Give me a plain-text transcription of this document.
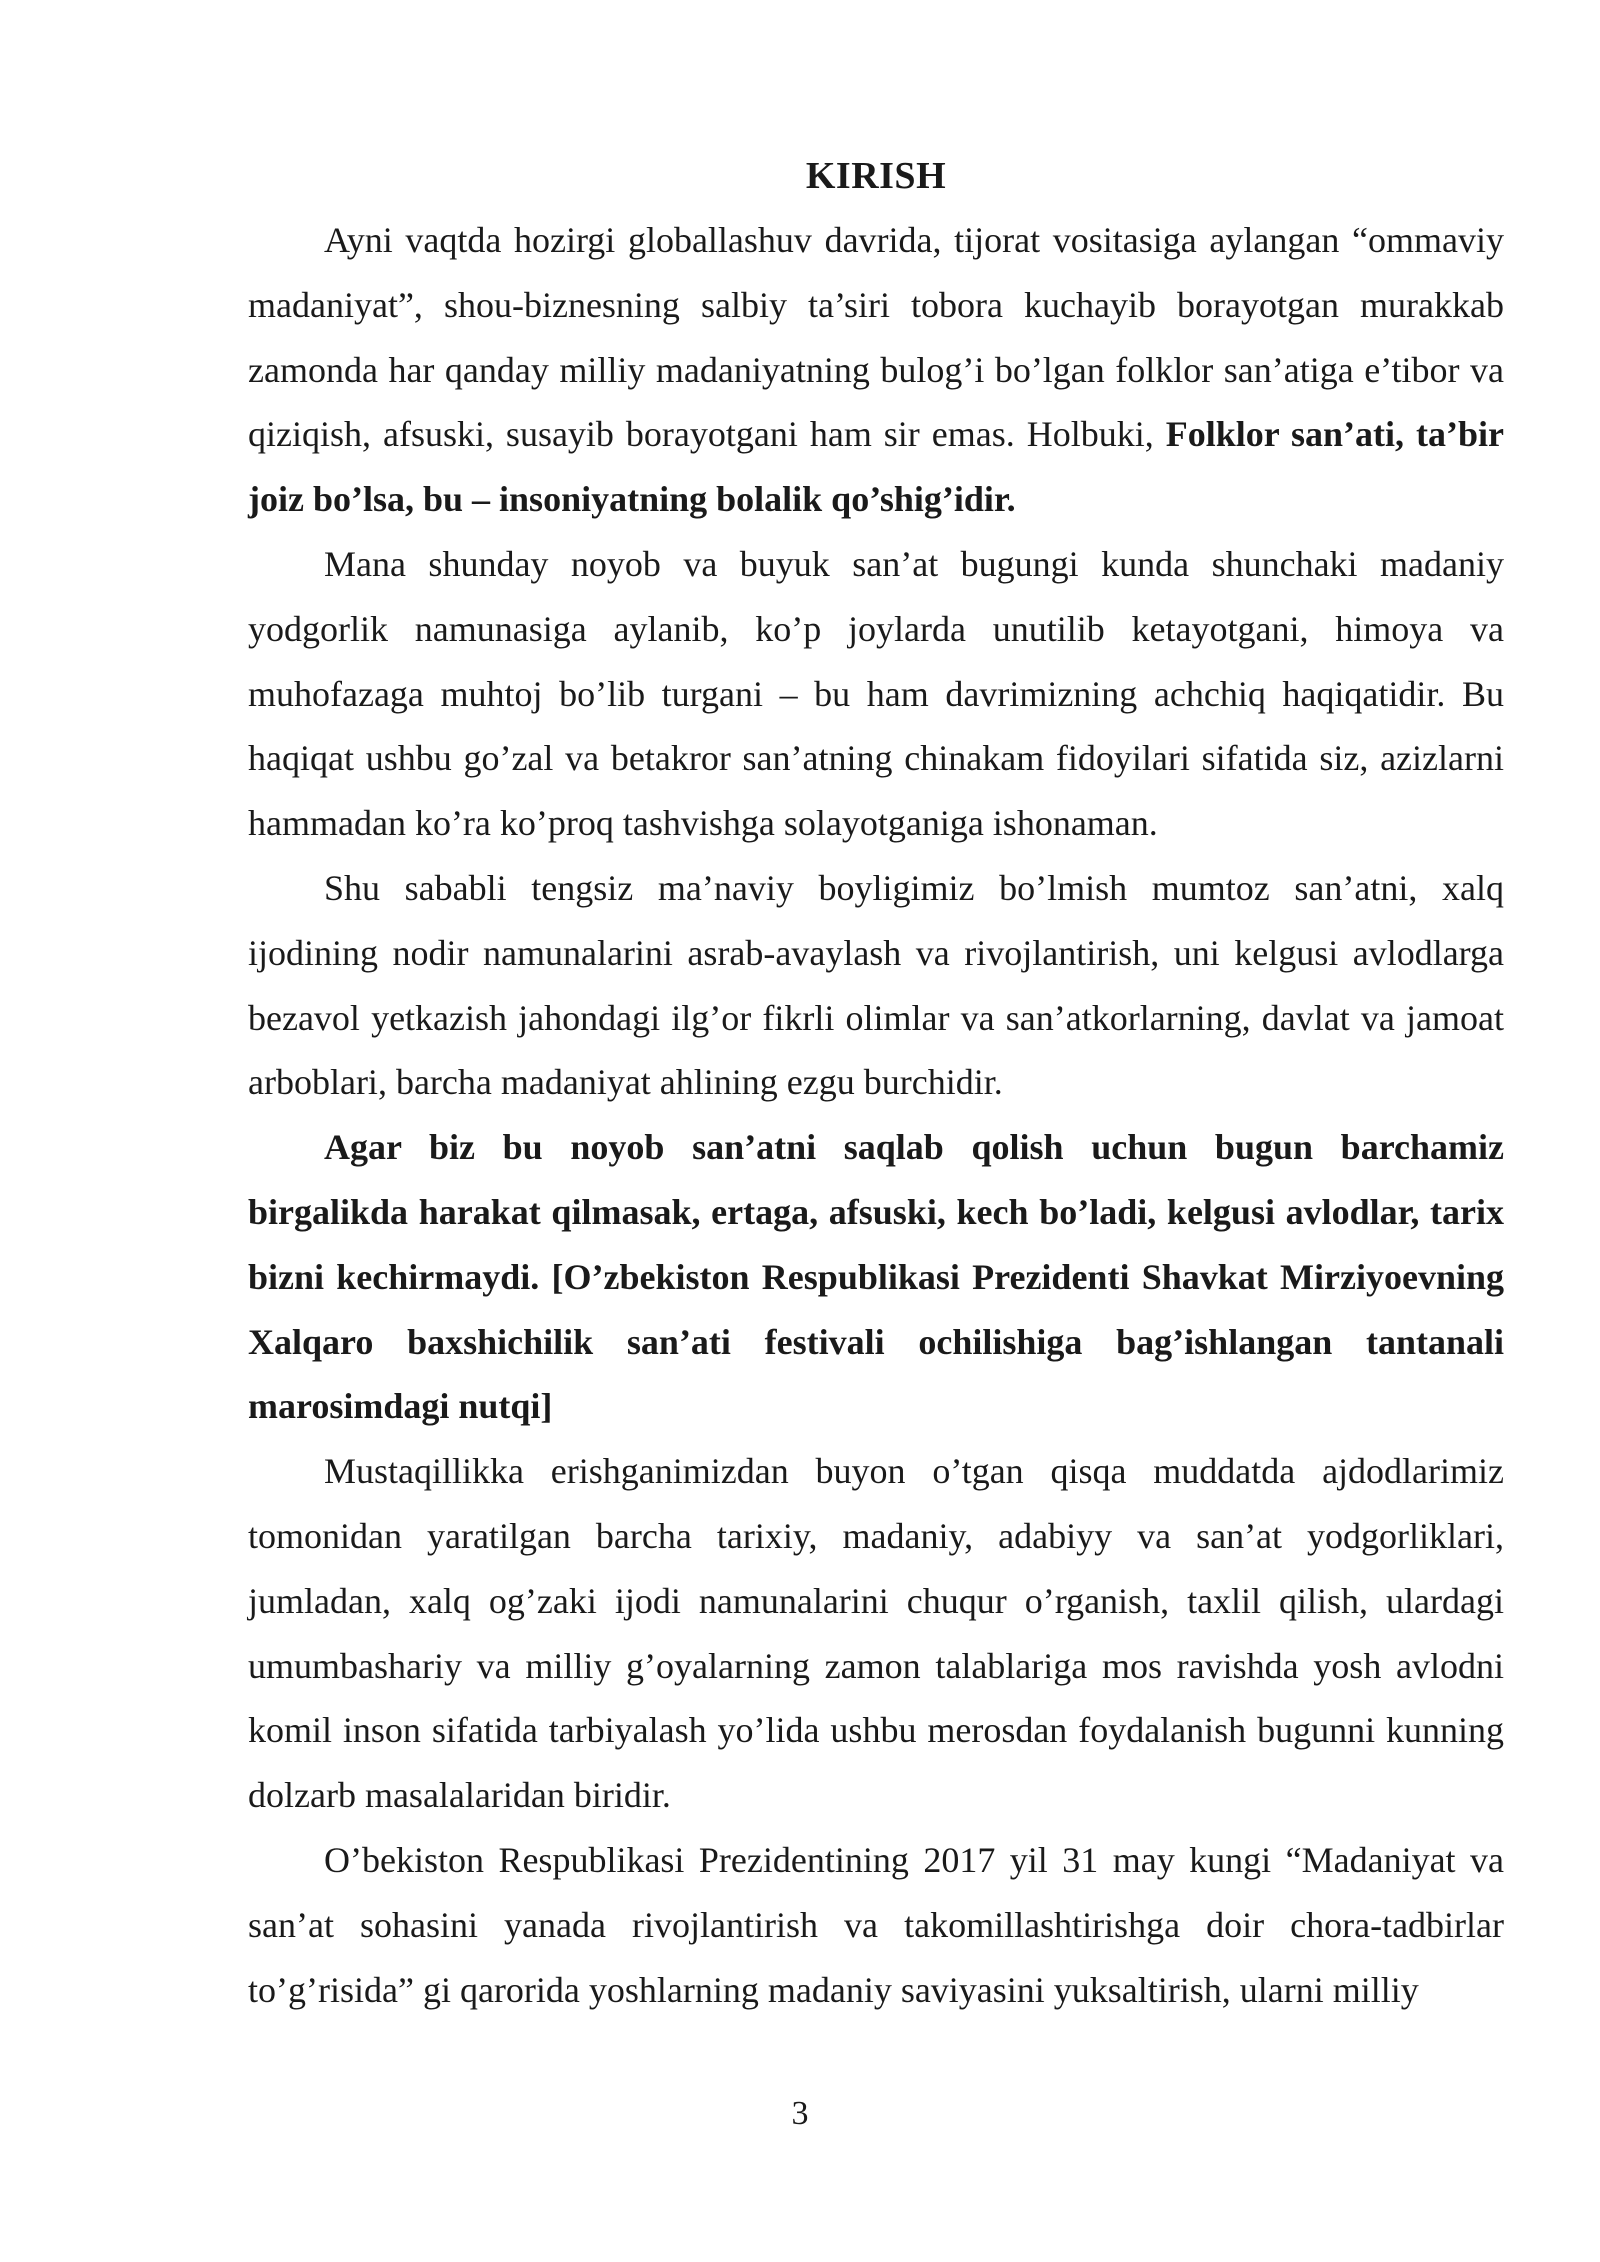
KIRISH

Ayni vaqtda hozirgi globallashuv davrida, tijorat vositasiga aylangan “ommaviy madaniyat”, shou-biznesning salbiy ta’siri tobora kuchayib borayotgan murakkab zamonda har qanday milliy madaniyatning bulog’i bo’lgan folklor san’atiga e’tibor va qiziqish, afsuski, susayib borayotgani ham sir emas. Holbuki, Folklor san’ati, ta’bir joiz bo’lsa, bu – insoniyatning bolalik qo’shig’idir.

Mana shunday noyob va buyuk san’at bugungi kunda shunchaki madaniy yodgorlik namunasiga aylanib, ko’p joylarda unutilib ketayotgani, himoya va muhofazaga muhtoj bo’lib turgani – bu ham davrimizning achchiq haqiqatidir. Bu haqiqat ushbu go’zal va betakror san’atning chinakam fidoyilari sifatida siz, azizlarni hammadan ko’ra ko’proq tashvishga solayotganiga ishonaman.

Shu sababli tengsiz ma’naviy boyligimiz bo’lmish mumtoz san’atni, xalq ijodining nodir namunalarini asrab-avaylash va rivojlantirish, uni kelgusi avlodlarga bezavol yetkazish jahondagi ilg’or fikrli olimlar va san’atkorlarning, davlat va jamoat arboblari, barcha madaniyat ahlining ezgu burchidir.

Agar biz bu noyob san’atni saqlab qolish uchun bugun barchamiz birgalikda harakat qilmasak, ertaga, afsuski, kech bo’ladi, kelgusi avlodlar, tarix bizni kechirmaydi. [O’zbekiston Respublikasi Prezidenti Shavkat Mirziyoevning Xalqaro baxshichilik san’ati festivali ochilishiga bag’ishlangan tantanali marosimdagi nutqi]

Mustaqillikka erishganimizdan buyon o’tgan qisqa muddatda ajdodlarimiz tomonidan yaratilgan barcha tarixiy, madaniy, adabiyy va san’at yodgorliklari, jumladan, xalq og’zaki ijodi namunalarini chuqur o’rganish, taxlil qilish, ulardagi umumbashariy va milliy g’oyalarning zamon talablariga mos ravishda yosh avlodni komil inson sifatida tarbiyalash yo’lida ushbu merosdan foydalanish bugunni kunning dolzarb masalalaridan biridir.

O’bekiston Respublikasi Prezidentining 2017 yil 31 may kungi “Madaniyat va san’at sohasini yanada rivojlantirish va takomillashtirishga doir chora-tadbirlar to’g’risida” gi qarorida yoshlarning madaniy saviyasini yuksaltirish, ularni milliy

3
